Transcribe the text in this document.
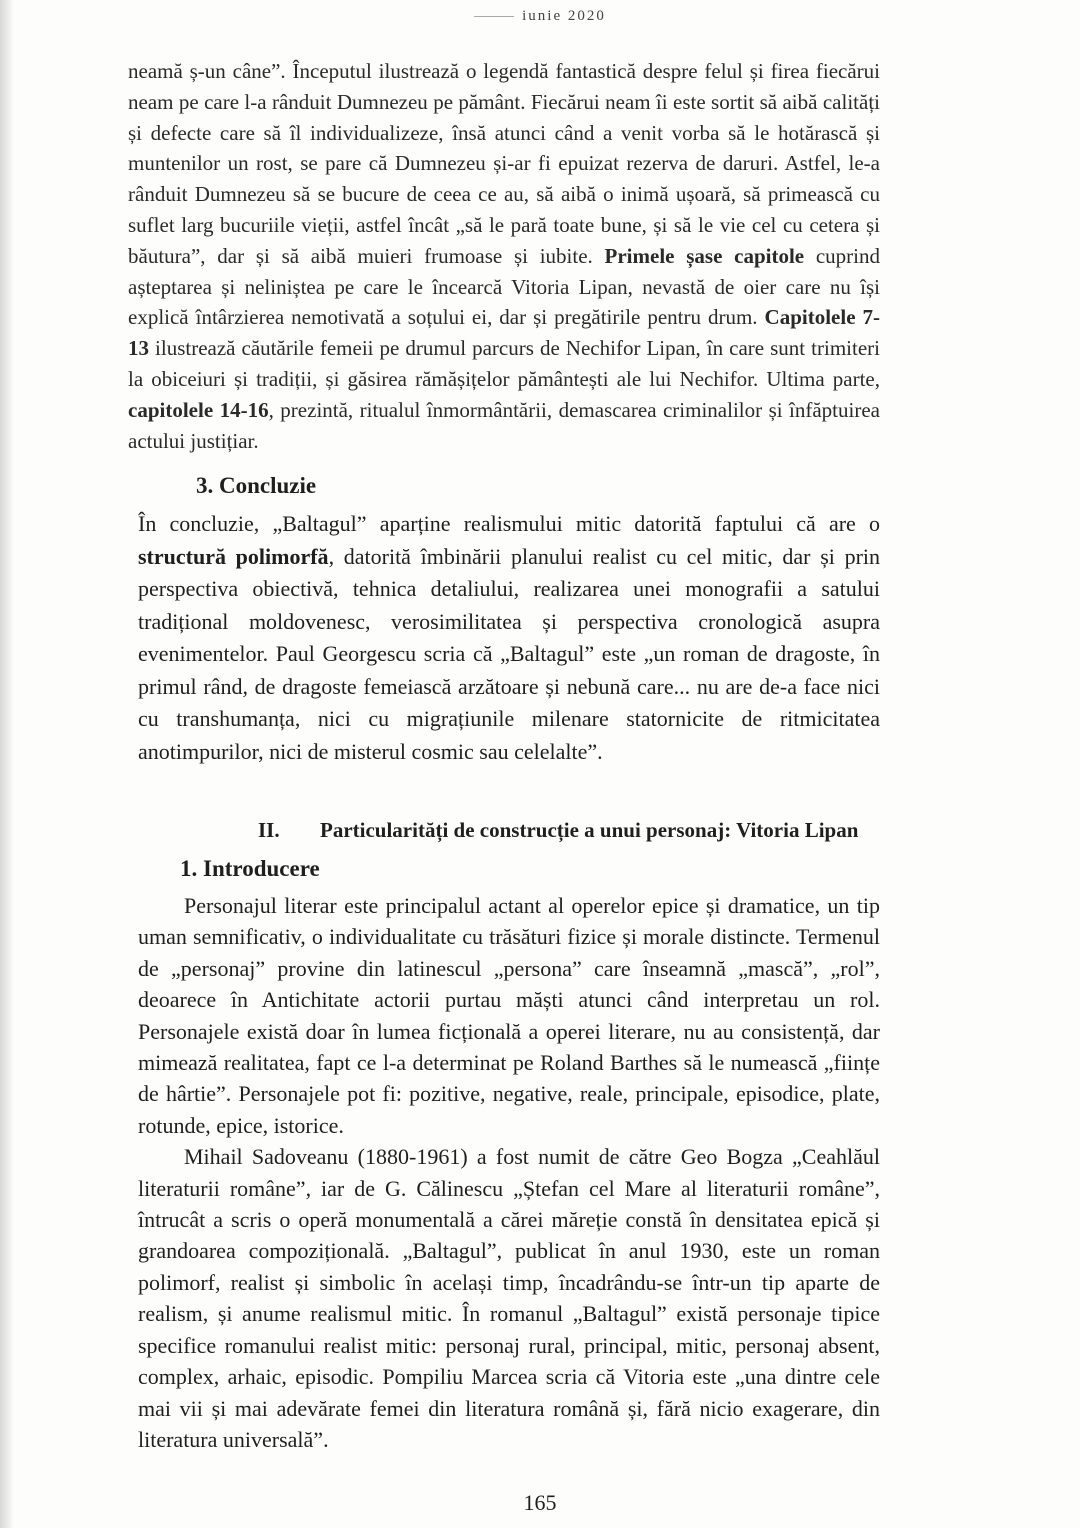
iunie 2020

neamă ș-un câne”. Începutul ilustrează o legendă fantastică despre felul și firea fiecărui neam pe care l-a rânduit Dumnezeu pe pământ. Fiecărui neam îi este sortit să aibă calități și defecte care să îl individualizeze, însă atunci când a venit vorba să le hotărască și muntenilor un rost, se pare că Dumnezeu și-ar fi epuizat rezerva de daruri. Astfel, le-a rânduit Dumnezeu să se bucure de ceea ce au, să aibă o inimă ușoară, să primească cu suflet larg bucuriile vieții, astfel încât „să le pară toate bune, și să le vie cel cu cetera și băutura”, dar și să aibă muieri frumoase și iubite. Primele șase capitole cuprind așteptarea și neliniștea pe care le încearcă Vitoria Lipan, nevastă de oier care nu își explică întârzierea nemotivată a soțului ei, dar și pregătirile pentru drum. Capitolele 7-13 ilustrează căutările femeii pe drumul parcurs de Nechifor Lipan, în care sunt trimiteri la obiceiuri și tradiții, și găsirea rămășițelor pământești ale lui Nechifor. Ultima parte, capitolele 14-16, prezintă, ritualul înmormântării, demascarea criminalilor și înfăptuirea actului justițiar.

3. Concluzie

În concluzie, „Baltagul” aparține realismului mitic datorită faptului că are o structură polimorfă, datorită îmbinării planului realist cu cel mitic, dar și prin perspectiva obiectivă, tehnica detaliului, realizarea unei monografii a satului tradițional moldovenesc, verosimilitatea și perspectiva cronologică asupra evenimentelor. Paul Georgescu scria că „Baltagul” este „un roman de dragoste, în primul rând, de dragoste femeiască arzătoare și nebună care... nu are de-a face nici cu transhumanța, nici cu migrațiunile milenare statornicite de ritmicitatea anotimpurilor, nici de misterul cosmic sau celelalte”.

II. Particularități de construcție a unui personaj: Vitoria Lipan
1. Introducere

Personajul literar este principalul actant al operelor epice și dramatice, un tip uman semnificativ, o individualitate cu trăsături fizice și morale distincte. Termenul de „personaj” provine din latinescul „persona” care înseamnă „mască”, „rol”, deoarece în Antichitate actorii purtau măști atunci când interpretau un rol. Personajele există doar în lumea ficțională a operei literare, nu au consistență, dar mimează realitatea, fapt ce l-a determinat pe Roland Barthes să le numească „ființe de hârtie”. Personajele pot fi: pozitive, negative, reale, principale, episodice, plate, rotunde, epice, istorice.

Mihail Sadoveanu (1880-1961) a fost numit de către Geo Bogza „Ceahlăul literaturii române”, iar de G. Călinescu „Ștefan cel Mare al literaturii române”, întrucât a scris o operă monumentală a cărei măreție constă în densitatea epică și grandoarea compozițională. „Baltagul”, publicat în anul 1930, este un roman polimorf, realist și simbolic în același timp, încadrându-se într-un tip aparte de realism, și anume realismul mitic. În romanul „Baltagul” există personaje tipice specifice romanului realist mitic: personaj rural, principal, mitic, personaj absent, complex, arhaic, episodic. Pompiliu Marcea scria că Vitoria este „una dintre cele mai vii și mai adevărate femei din literatura română și, fără nicio exagerare, din literatura universală”.

165
